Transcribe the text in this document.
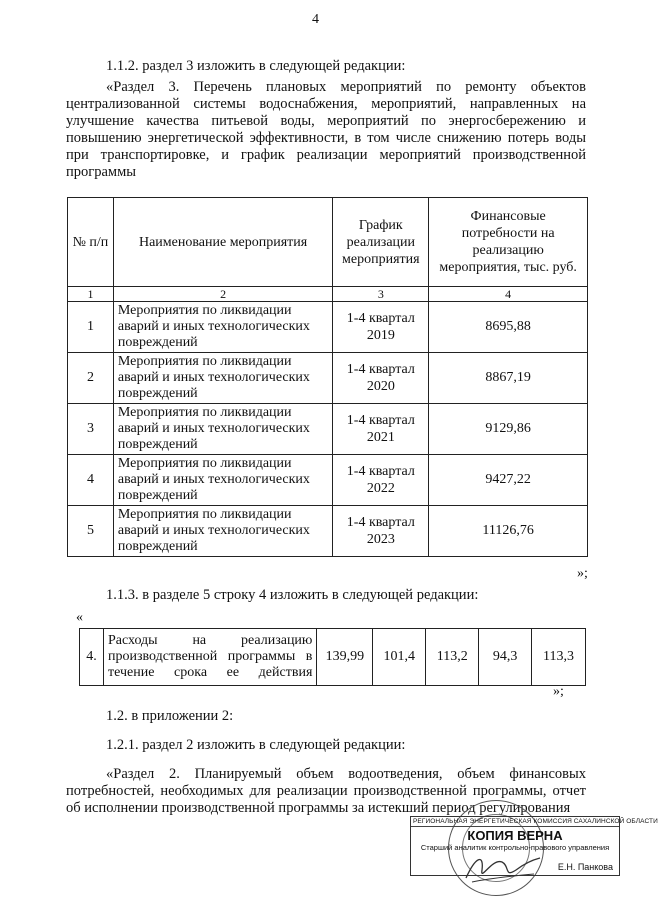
4
1.1.2. раздел 3 изложить в следующей редакции:
«Раздел 3. Перечень плановых мероприятий по ремонту объектов централизованной системы водоснабжения, мероприятий, направленных на улучшение качества питьевой воды, мероприятий по энергосбережению и повышению энергетической эффективности, в том числе снижению потерь воды при транспортировке, и график реализации мероприятий производственной программы
№ п/п	Наименование мероприятия	График реализации мероприятия	Финансовые потребности на реализацию мероприятия, тыс. руб.
1	2	3	4
1	Мероприятия по ликвидации аварий и иных технологических повреждений	1-4 квартал 2019	8695,88
2	Мероприятия по ликвидации аварий и иных технологических повреждений	1-4 квартал 2020	8867,19
3	Мероприятия по ликвидации аварий и иных технологических повреждений	1-4 квартал 2021	9129,86
4	Мероприятия по ликвидации аварий и иных технологических повреждений	1-4 квартал 2022	9427,22
5	Мероприятия по ликвидации аварий и иных технологических повреждений	1-4 квартал 2023	11126,76
»;
1.1.3. в разделе 5 строку 4 изложить в следующей редакции:
«
4.	Расходы на реализацию производственной программы в течение срока ее действия	139,99	101,4	113,2	94,3	113,3
»;
1.2. в приложении 2:
1.2.1. раздел 2 изложить в следующей редакции:
«Раздел 2. Планируемый объем водоотведения, объем финансовых потребностей, необходимых для реализации производственной программы, отчет об исполнении производственной программы за истекший период регулирования
РЕГИОНАЛЬНАЯ ЭНЕРГЕТИЧЕСКАЯ КОМИССИЯ САХАЛИНСКОЙ ОБЛАСТИ
КОПИЯ ВЕРНА
Старший аналитик контрольно-правового управления
Е.Н. Панкова
